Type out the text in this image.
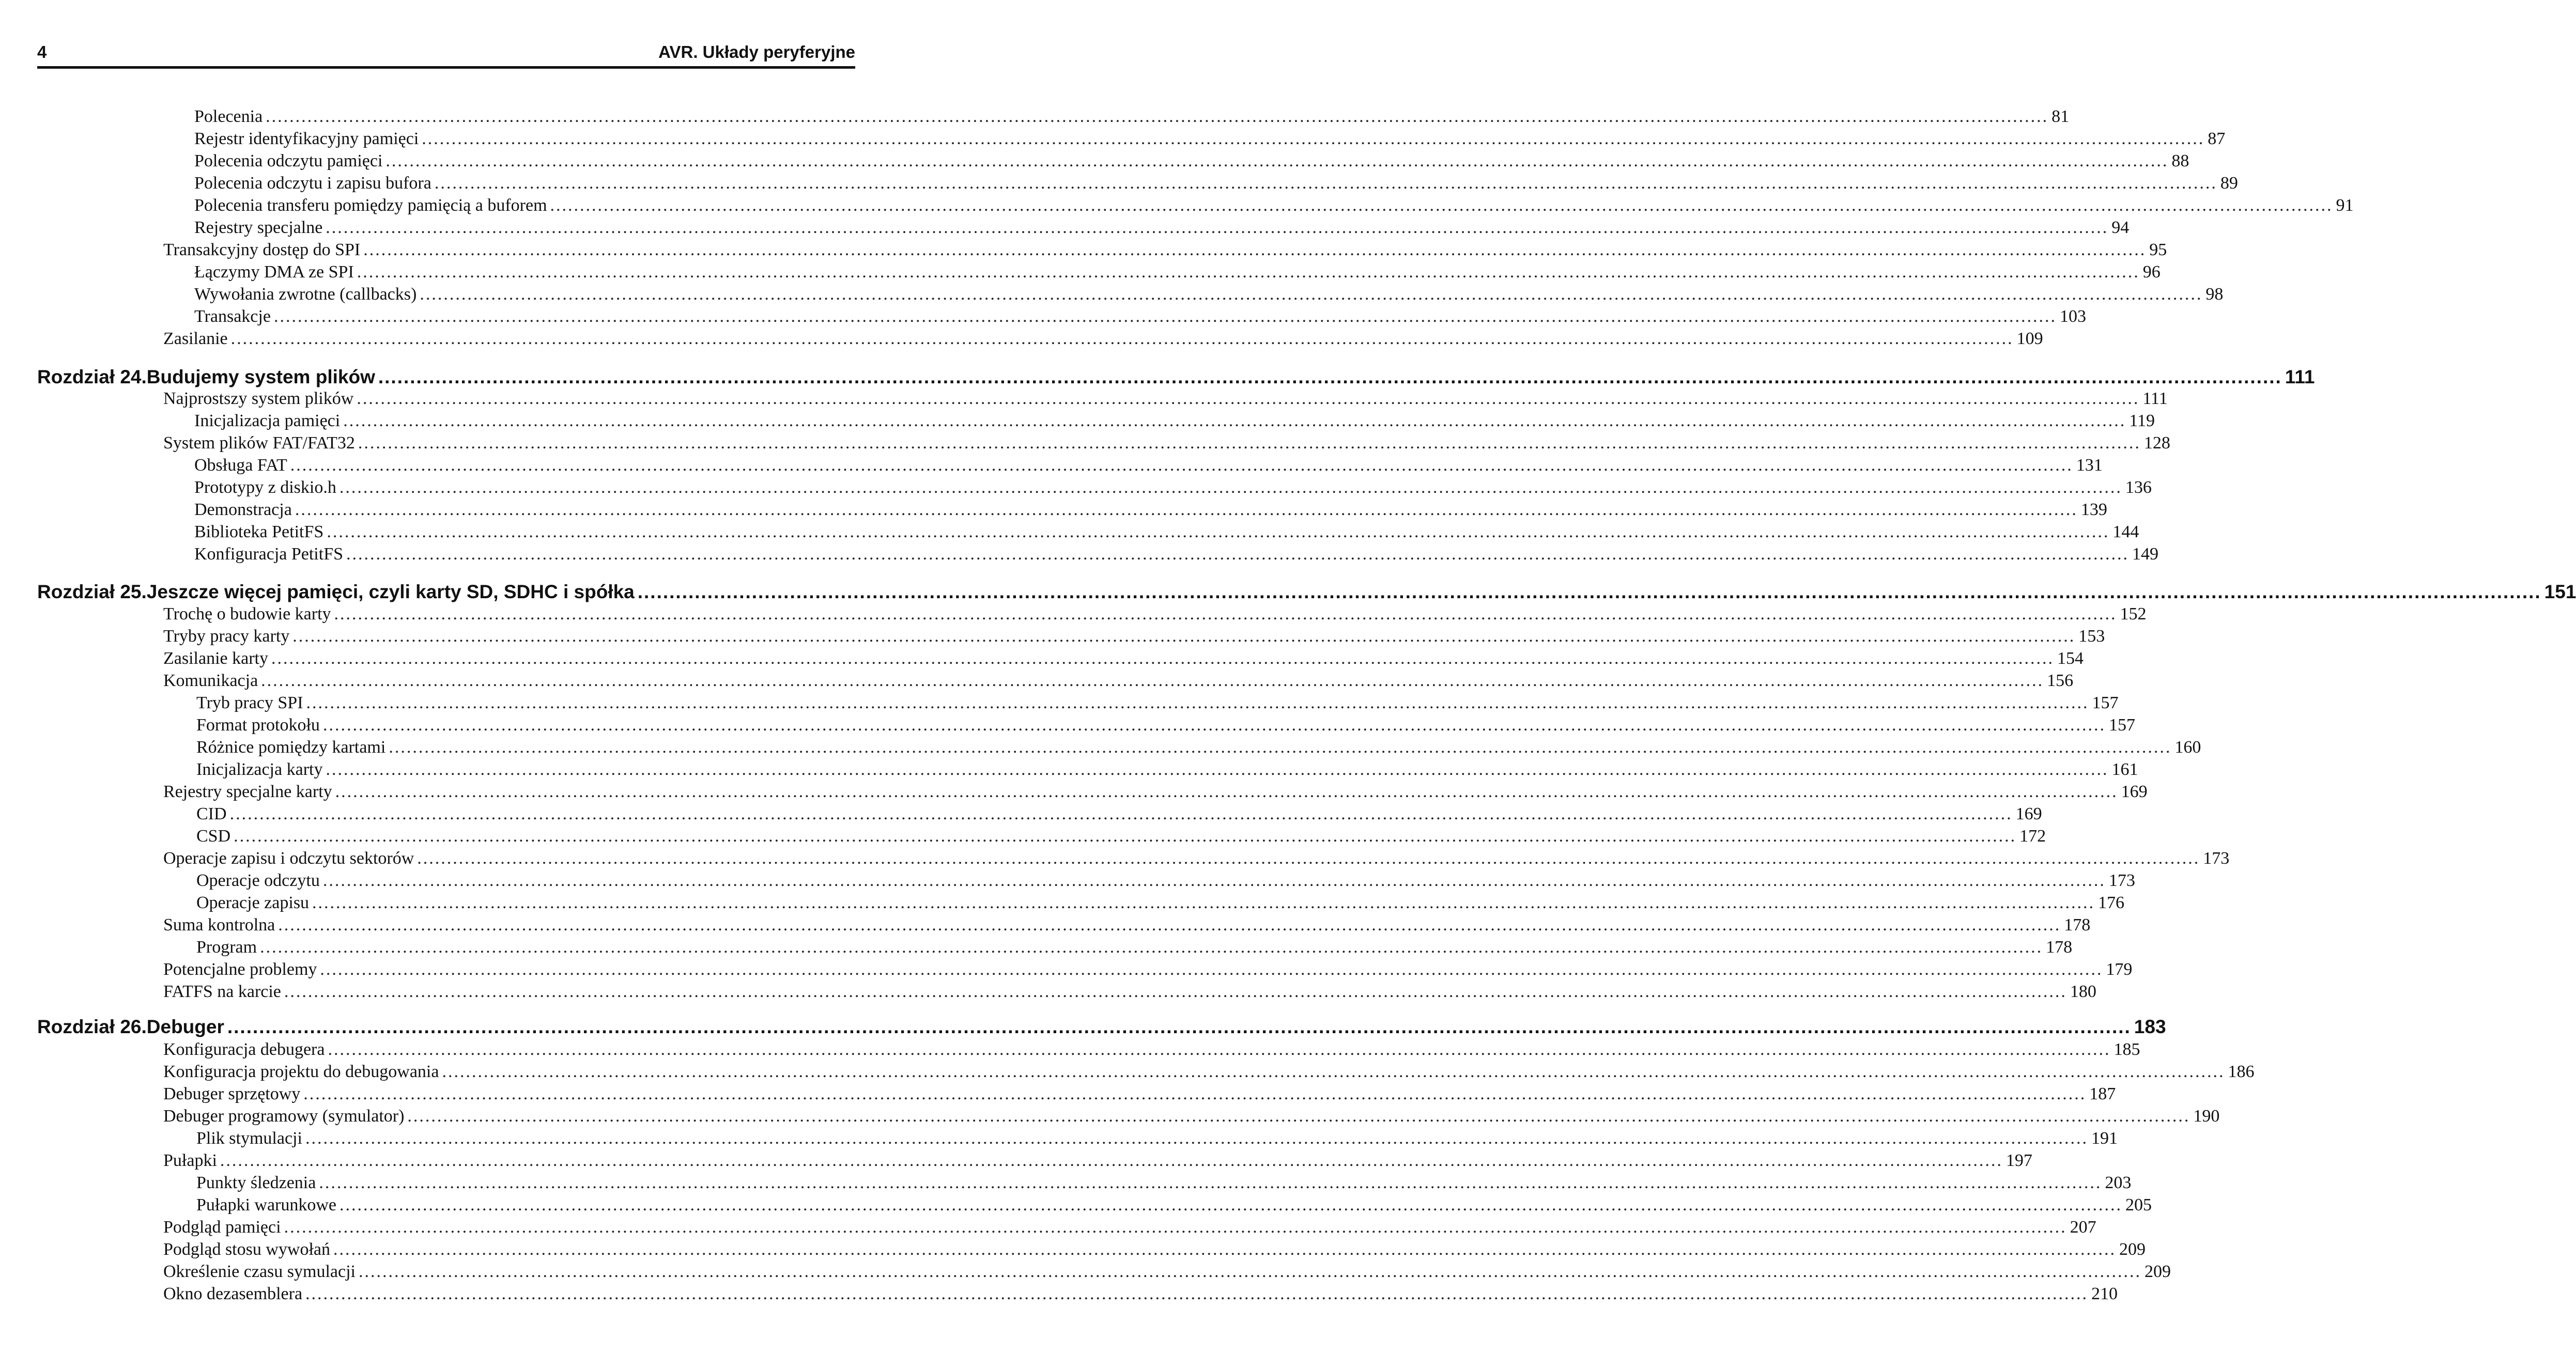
4	AVR. Układy peryferyjne
Polecenia ............................................................................................................................................................................................................................................................................................................ 81
Rejestr identyfikacyjny pamięci ............................................................................................................................................................................................................................................................................................................ 87
Polecenia odczytu pamięci ............................................................................................................................................................................................................................................................................................................ 88
Polecenia odczytu i zapisu bufora ............................................................................................................................................................................................................................................................................................................ 89
Polecenia transferu pomiędzy pamięcią a buforem ............................................................................................................................................................................................................................................................................................................ 91
Rejestry specjalne ............................................................................................................................................................................................................................................................................................................ 94
Transakcyjny dostęp do SPI ............................................................................................................................................................................................................................................................................................................ 95
Łączymy DMA ze SPI ............................................................................................................................................................................................................................................................................................................ 96
Wywołania zwrotne (callbacks) ............................................................................................................................................................................................................................................................................................................ 98
Transakcje ............................................................................................................................................................................................................................................................................................................ 103
Zasilanie ............................................................................................................................................................................................................................................................................................................ 109
Rozdział 24. Budujemy system plików ............................................................................................................................................................................................................................................................................................................ 111
Najprostszy system plików ............................................................................................................................................................................................................................................................................................................ 111
Inicjalizacja pamięci ............................................................................................................................................................................................................................................................................................................ 119
System plików FAT/FAT32 ............................................................................................................................................................................................................................................................................................................ 128
Obsługa FAT ............................................................................................................................................................................................................................................................................................................ 131
Prototypy z diskio.h ............................................................................................................................................................................................................................................................................................................ 136
Demonstracja ............................................................................................................................................................................................................................................................................................................ 139
Biblioteka PetitFS ............................................................................................................................................................................................................................................................................................................ 144
Konfiguracja PetitFS ............................................................................................................................................................................................................................................................................................................ 149
Rozdział 25. Jeszcze więcej pamięci, czyli karty SD, SDHC i spółka ............................................................................................................................................................................................................................................................................................................ 151
Trochę o budowie karty ............................................................................................................................................................................................................................................................................................................ 152
Tryby pracy karty ............................................................................................................................................................................................................................................................................................................ 153
Zasilanie karty ............................................................................................................................................................................................................................................................................................................ 154
Komunikacja ............................................................................................................................................................................................................................................................................................................ 156
Tryb pracy SPI ............................................................................................................................................................................................................................................................................................................ 157
Format protokołu ............................................................................................................................................................................................................................................................................................................ 157
Różnice pomiędzy kartami ............................................................................................................................................................................................................................................................................................................ 160
Inicjalizacja karty ............................................................................................................................................................................................................................................................................................................ 161
Rejestry specjalne karty ............................................................................................................................................................................................................................................................................................................ 169
CID ............................................................................................................................................................................................................................................................................................................ 169
CSD ............................................................................................................................................................................................................................................................................................................ 172
Operacje zapisu i odczytu sektorów ............................................................................................................................................................................................................................................................................................................ 173
Operacje odczytu ............................................................................................................................................................................................................................................................................................................ 173
Operacje zapisu ............................................................................................................................................................................................................................................................................................................ 176
Suma kontrolna ............................................................................................................................................................................................................................................................................................................ 178
Program ............................................................................................................................................................................................................................................................................................................ 178
Potencjalne problemy ............................................................................................................................................................................................................................................................................................................ 179
FATFS na karcie ............................................................................................................................................................................................................................................................................................................ 180
Rozdział 26. Debuger ............................................................................................................................................................................................................................................................................................................ 183
Konfiguracja debugera ............................................................................................................................................................................................................................................................................................................ 185
Konfiguracja projektu do debugowania ............................................................................................................................................................................................................................................................................................................ 186
Debuger sprzętowy ............................................................................................................................................................................................................................................................................................................ 187
Debuger programowy (symulator) ............................................................................................................................................................................................................................................................................................................ 190
Plik stymulacji ............................................................................................................................................................................................................................................................................................................ 191
Pułapki ............................................................................................................................................................................................................................................................................................................ 197
Punkty śledzenia ............................................................................................................................................................................................................................................................................................................ 203
Pułapki warunkowe ............................................................................................................................................................................................................................................................................................................ 205
Podgląd pamięci ............................................................................................................................................................................................................................................................................................................ 207
Podgląd stosu wywołań ............................................................................................................................................................................................................................................................................................................ 209
Określenie czasu symulacji ............................................................................................................................................................................................................................................................................................................ 209
Okno dezasemblera ............................................................................................................................................................................................................................................................................................................ 210
